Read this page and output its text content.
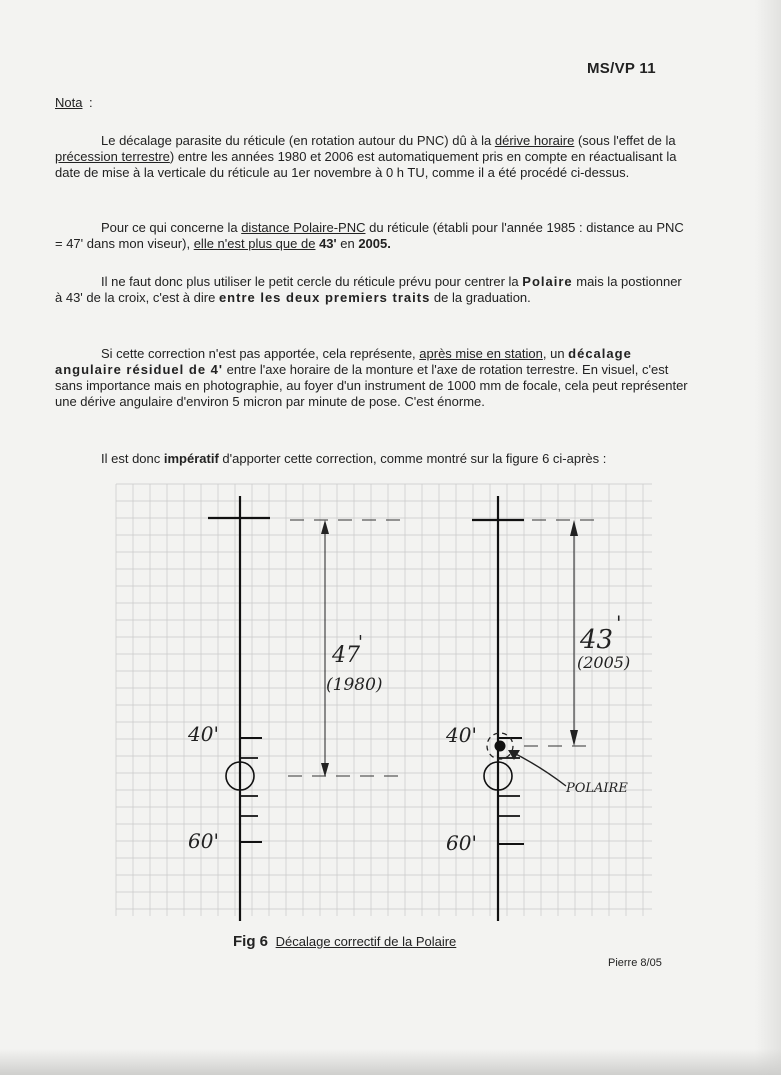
MS/VP 11
Nota :

Le décalage parasite du réticule (en rotation autour du PNC) dû à la dérive horaire (sous l'effet de la précession terrestre) entre les années 1980 et 2006 est automatiquement pris en compte en réactualisant la date de mise à la verticale du réticule au 1er novembre à 0 h TU, comme il a été procédé ci-dessus.

Pour ce qui concerne la distance Polaire-PNC du réticule (établi pour l'année 1985 : distance au PNC = 47' dans mon viseur), elle n'est plus que de 43' en 2005.

Il ne faut donc plus utiliser le petit cercle du réticule prévu pour centrer la Polaire mais la postionner à 43' de la croix, c'est à dire entre les deux premiers traits de la graduation.

Si cette correction n'est pas apportée, cela représente, après mise en station, un décalage angulaire résiduel de 4' entre l'axe horaire de la monture et l'axe de rotation terrestre. En visuel, c'est sans importance mais en photographie, au foyer d'un instrument de 1000 mm de focale, cela peut représenter une dérive angulaire d'environ 5 micron par minute de pose. C'est énorme.

Il est donc impératif d'apporter cette correction, comme montré sur la figure 6 ci-après :

40'
60'
47
'
(1980)
40'
60'
43
'
(2005)
POLAIRE
Fig 6 Décalage correctif de la Polaire
Pierre 8/05
